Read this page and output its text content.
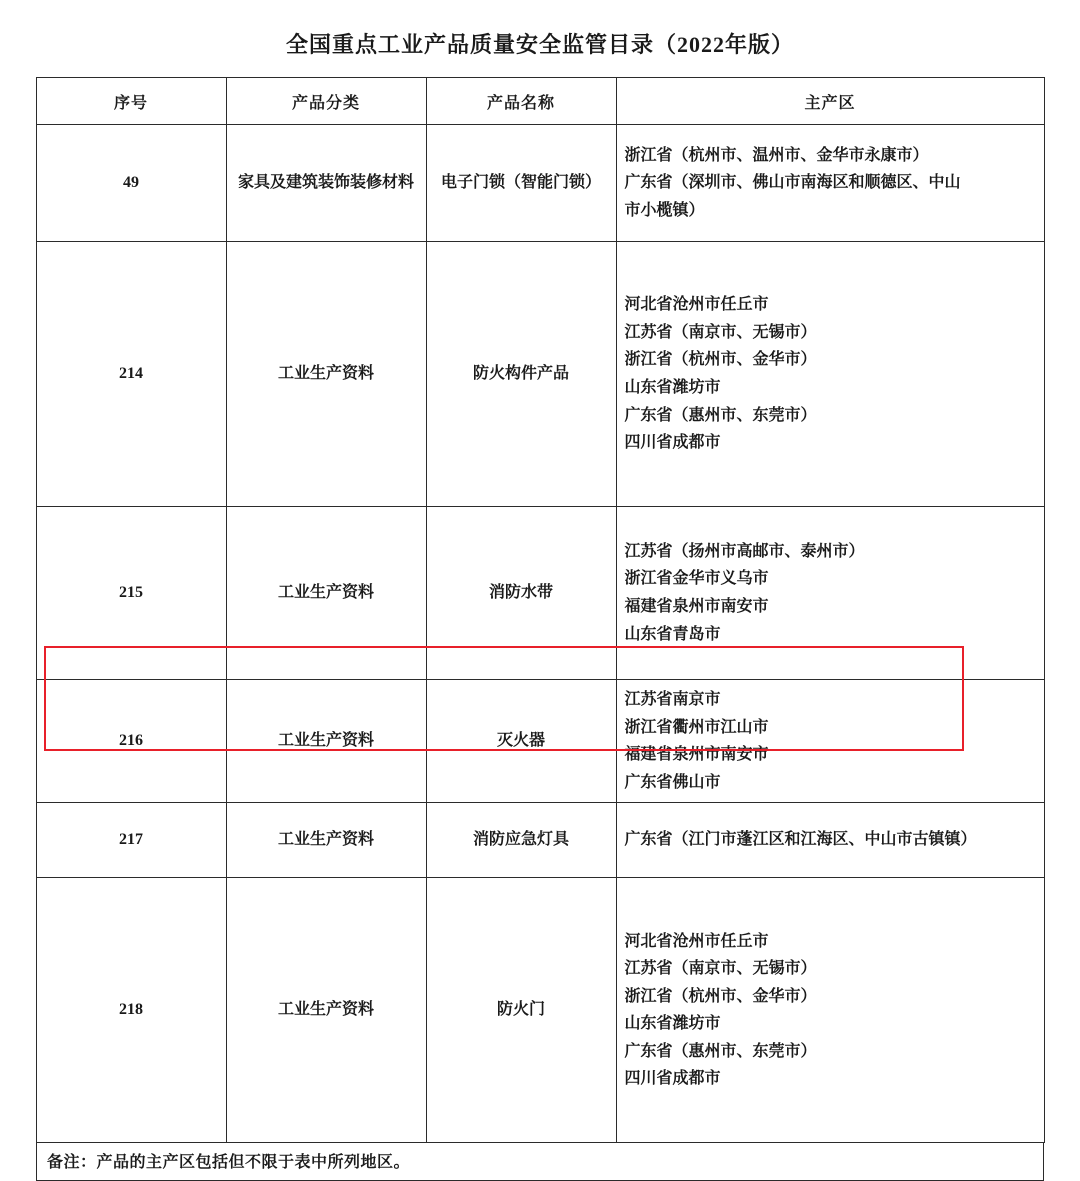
全国重点工业产品质量安全监管目录（2022年版）
序号	产品分类	产品名称	主产区
49	家具及建筑装饰装修材料	电子门锁（智能门锁）	浙江省（杭州市、温州市、金华市永康市）
广东省（深圳市、佛山市南海区和顺德区、中山
市小榄镇）

214	工业生产资料	防火构件产品	
河北省沧州市任丘市
江苏省（南京市、无锡市）
浙江省（杭州市、金华市）
山东省潍坊市
广东省（惠州市、东莞市）
四川省成都市

215	工业生产资料	消防水带	江苏省（扬州市高邮市、泰州市）
浙江省金华市义乌市
福建省泉州市南安市
山东省青岛市

216	工业生产资料	灭火器	江苏省南京市
浙江省衢州市江山市
福建省泉州市南安市
广东省佛山市

217	工业生产资料	消防应急灯具	广东省（江门市蓬江区和江海区、中山市古镇镇）

218	工业生产资料	防火门	
河北省沧州市任丘市
江苏省（南京市、无锡市）
浙江省（杭州市、金华市）
山东省潍坊市
广东省（惠州市、东莞市）
四川省成都市
备注：产品的主产区包括但不限于表中所列地区。
